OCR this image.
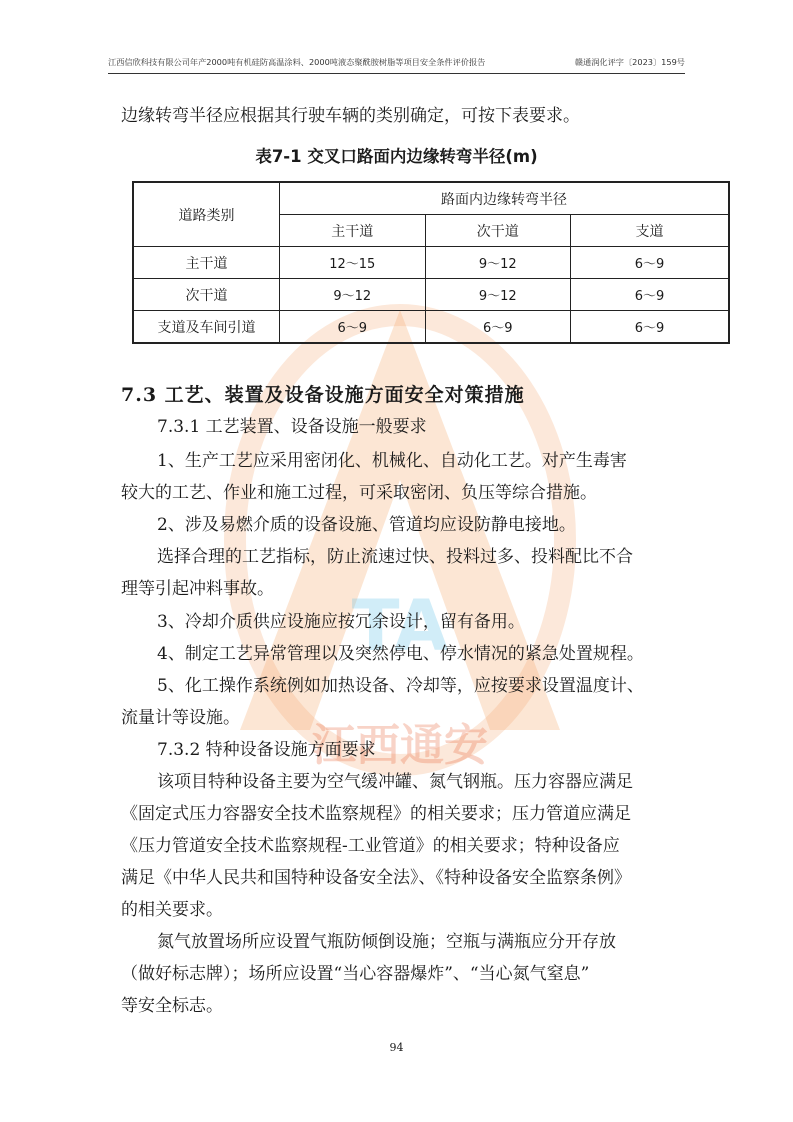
江西信欣科技有限公司年产2000吨有机硅防高温涂料、2000吨液态聚酰胺树脂等项目安全条件评价报告	赣通润化评字〔2023〕159号
TA
江西通安
边缘转弯半径应根据其行驶车辆的类别确定，可按下表要求。
表7-1 交叉口路面内边缘转弯半径(m)
道路类别	路面内边缘转弯半径		
	主干道	次干道	支道
主干道	12～15	9～12	6～9
次干道	9～12	9～12	6～9
支道及车间引道	6～9	6～9	6～9
7.3 工艺、装置及设备设施方面安全对策措施
7.3.1 工艺装置、设备设施一般要求
1、生产工艺应采用密闭化、机械化、自动化工艺。对产生毒害
较大的工艺、作业和施工过程，可采取密闭、负压等综合措施。
2、涉及易燃介质的设备设施、管道均应设防静电接地。
选择合理的工艺指标，防止流速过快、投料过多、投料配比不合
理等引起冲料事故。
3、冷却介质供应设施应按冗余设计，留有备用。
4、制定工艺异常管理以及突然停电、停水情况的紧急处置规程。
5、化工操作系统例如加热设备、冷却等，应按要求设置温度计、
流量计等设施。
7.3.2 特种设备设施方面要求
该项目特种设备主要为空气缓冲罐、氮气钢瓶。压力容器应满足
《固定式压力容器安全技术监察规程》的相关要求；压力管道应满足
《压力管道安全技术监察规程-工业管道》的相关要求；特种设备应
满足《中华人民共和国特种设备安全法》、《特种设备安全监察条例》
的相关要求。
氮气放置场所应设置气瓶防倾倒设施；空瓶与满瓶应分开存放
（做好标志牌）；场所应设置“当心容器爆炸”、“当心氮气窒息”
等安全标志。
94
